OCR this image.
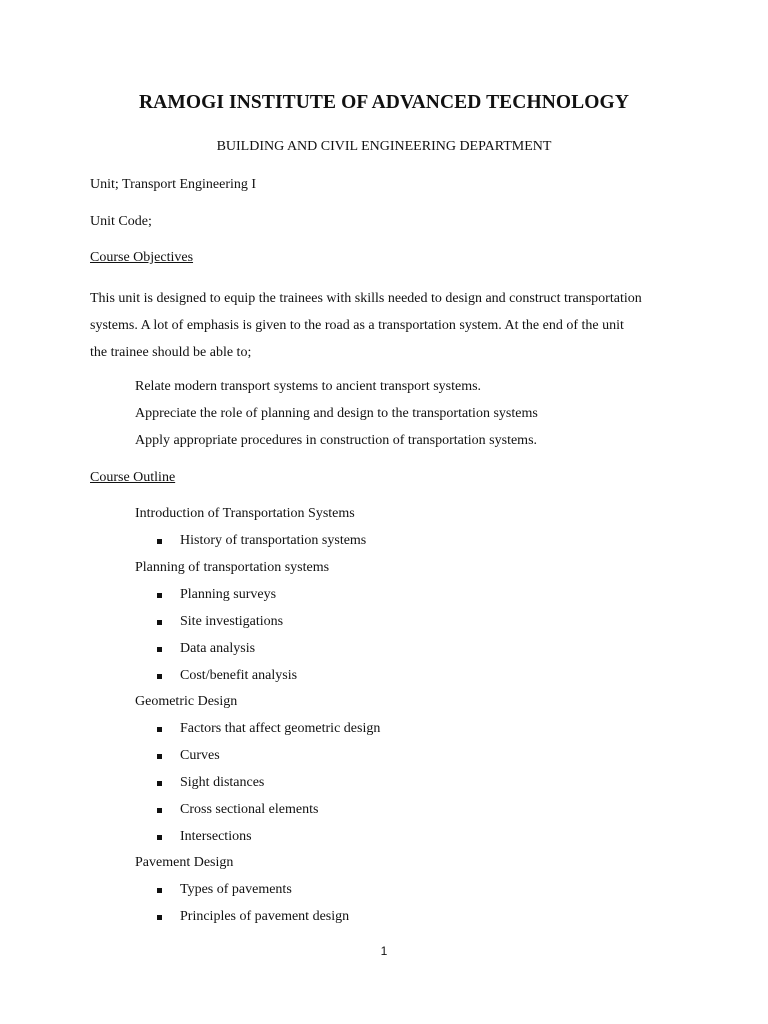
RAMOGI INSTITUTE OF ADVANCED TECHNOLOGY
BUILDING AND CIVIL ENGINEERING DEPARTMENT
Unit; Transport Engineering I
Unit Code;
Course Objectives
This unit is designed to equip the trainees with skills needed to design and construct transportation
systems. A lot of emphasis is given to the road as a transportation system. At the end of the unit
the trainee should be able to;
Relate modern transport systems to ancient transport systems.
Appreciate the role of planning and design to the transportation systems
Apply appropriate procedures in construction of transportation systems.
Course Outline
Introduction of Transportation Systems
History of transportation systems
Planning of transportation systems
Planning surveys
Site investigations
Data analysis
Cost/benefit analysis
Geometric Design
Factors that affect geometric design
Curves
Sight distances
Cross sectional elements
Intersections
Pavement Design
Types of pavements
Principles of pavement design
1
